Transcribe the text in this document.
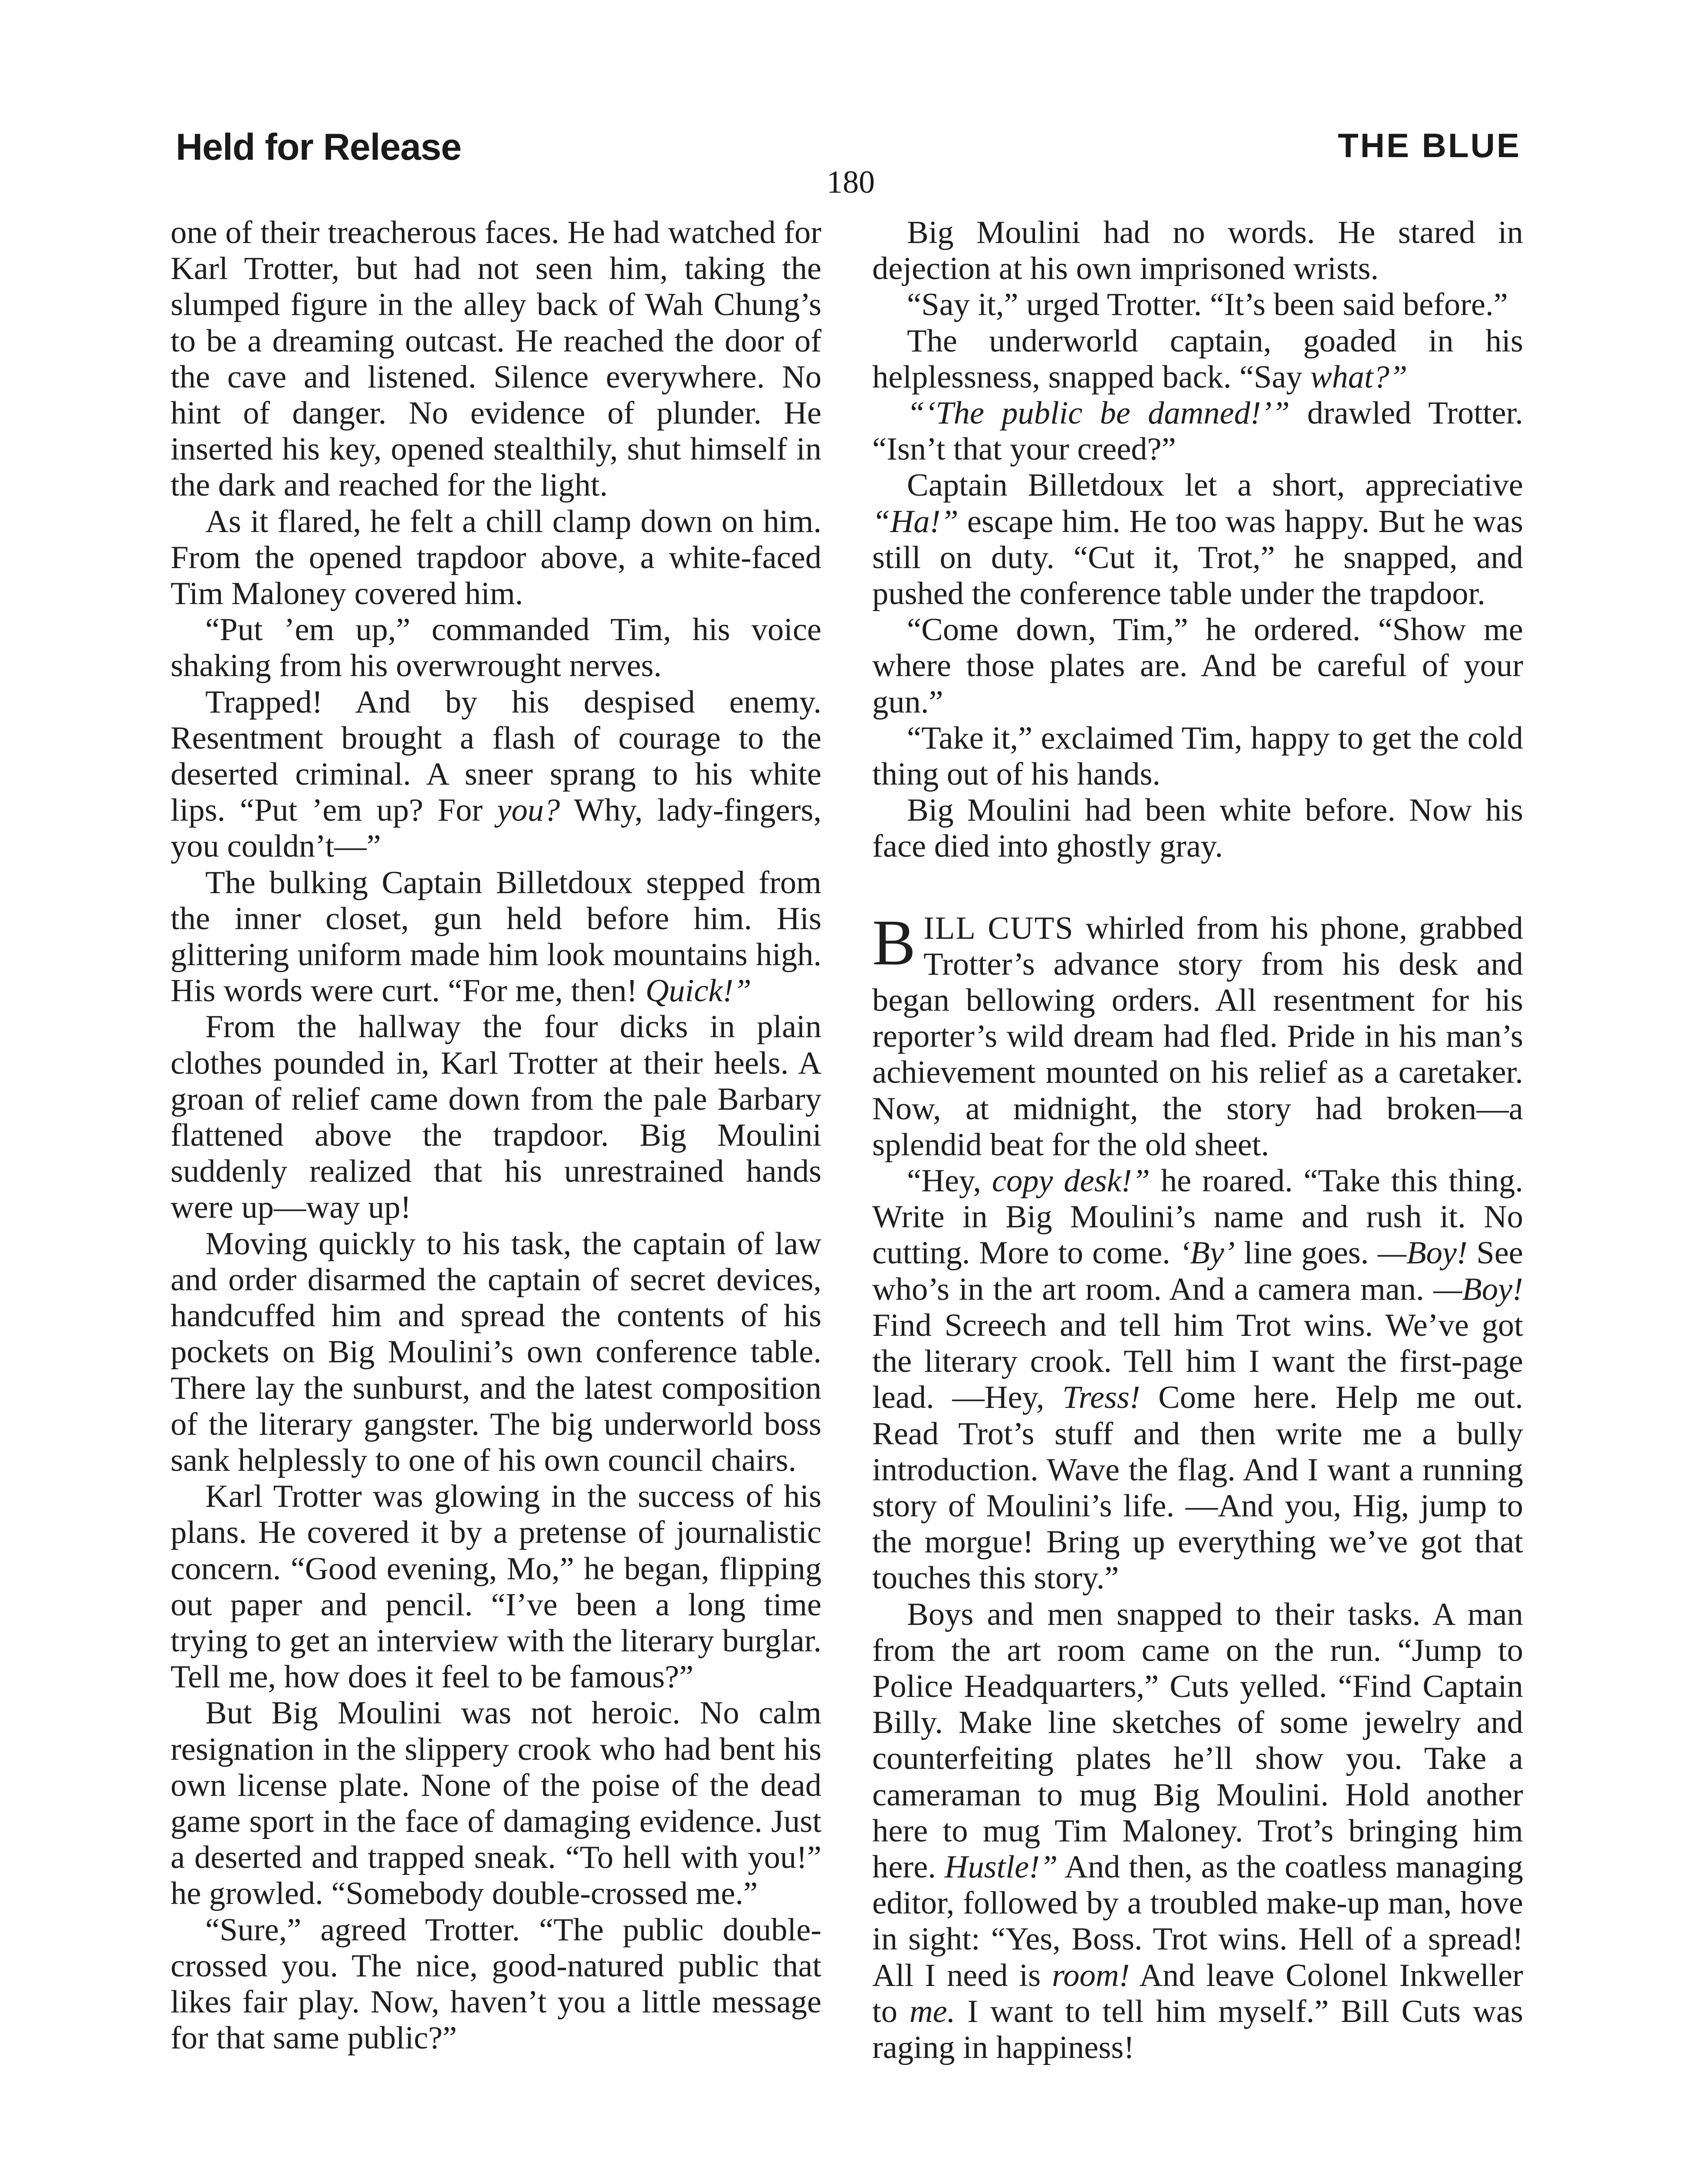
Held for Release	THE BLUE
180

one of their treacherous faces. He had watched for Karl Trotter, but had not seen him, taking the slumped figure in the alley back of Wah Chung’s to be a dreaming outcast. He reached the door of the cave and listened. Silence everywhere. No hint of danger. No evidence of plunder. He inserted his key, opened stealthily, shut himself in the dark and reached for the light.

As it flared, he felt a chill clamp down on him. From the opened trapdoor above, a white-faced Tim Maloney covered him.

“Put ’em up,” commanded Tim, his voice shaking from his overwrought nerves.

Trapped! And by his despised enemy. Resentment brought a flash of courage to the deserted criminal. A sneer sprang to his white lips. “Put ’em up? For you? Why, lady-fingers, you couldn’t—”

The bulking Captain Billetdoux stepped from the inner closet, gun held before him. His glittering uniform made him look mountains high. His words were curt. “For me, then! Quick!”

From the hallway the four dicks in plain clothes pounded in, Karl Trotter at their heels. A groan of relief came down from the pale Barbary flattened above the trapdoor. Big Moulini suddenly realized that his unrestrained hands were up—way up!

Moving quickly to his task, the captain of law and order disarmed the captain of secret devices, handcuffed him and spread the contents of his pockets on Big Moulini’s own conference table. There lay the sunburst, and the latest composition of the literary gangster. The big underworld boss sank helplessly to one of his own council chairs.

Karl Trotter was glowing in the success of his plans. He covered it by a pretense of journalistic concern. “Good evening, Mo,” he began, flipping out paper and pencil. “I’ve been a long time trying to get an interview with the literary burglar. Tell me, how does it feel to be famous?”

But Big Moulini was not heroic. No calm resignation in the slippery crook who had bent his own license plate. None of the poise of the dead game sport in the face of damaging evidence. Just a deserted and trapped sneak. “To hell with you!” he growled. “Somebody double-crossed me.”

“Sure,” agreed Trotter. “The public double-crossed you. The nice, good-natured public that likes fair play. Now, haven’t you a little message for that same public?”

Big Moulini had no words. He stared in dejection at his own imprisoned wrists.

“Say it,” urged Trotter. “It’s been said before.”

The underworld captain, goaded in his helplessness, snapped back. “Say what?”

“‘The public be damned!’” drawled Trotter. “Isn’t that your creed?”

Captain Billetdoux let a short, appreciative “Ha!” escape him. He too was happy. But he was still on duty. “Cut it, Trot,” he snapped, and pushed the conference table under the trapdoor.

“Come down, Tim,” he ordered. “Show me where those plates are. And be careful of your gun.”

“Take it,” exclaimed Tim, happy to get the cold thing out of his hands.

Big Moulini had been white before. Now his face died into ghostly gray.

BILL CUTS whirled from his phone, grabbed Trotter’s advance story from his desk and began bellowing orders. All resentment for his reporter’s wild dream had fled. Pride in his man’s achievement mounted on his relief as a caretaker. Now, at midnight, the story had broken—a splendid beat for the old sheet.

“Hey, copy desk!” he roared. “Take this thing. Write in Big Moulini’s name and rush it. No cutting. More to come. ‘By’ line goes. —Boy! See who’s in the art room. And a camera man. —Boy! Find Screech and tell him Trot wins. We’ve got the literary crook. Tell him I want the first-page lead. —Hey, Tress! Come here. Help me out. Read Trot’s stuff and then write me a bully introduction. Wave the flag. And I want a running story of Moulini’s life. —And you, Hig, jump to the morgue! Bring up everything we’ve got that touches this story.”

Boys and men snapped to their tasks. A man from the art room came on the run. “Jump to Police Headquarters,” Cuts yelled. “Find Captain Billy. Make line sketches of some jewelry and counterfeiting plates he’ll show you. Take a cameraman to mug Big Moulini. Hold another here to mug Tim Maloney. Trot’s bringing him here. Hustle!” And then, as the coatless managing editor, followed by a troubled make-up man, hove in sight: “Yes, Boss. Trot wins. Hell of a spread! All I need is room! And leave Colonel Inkweller to me. I want to tell him myself.” Bill Cuts was raging in happiness!
